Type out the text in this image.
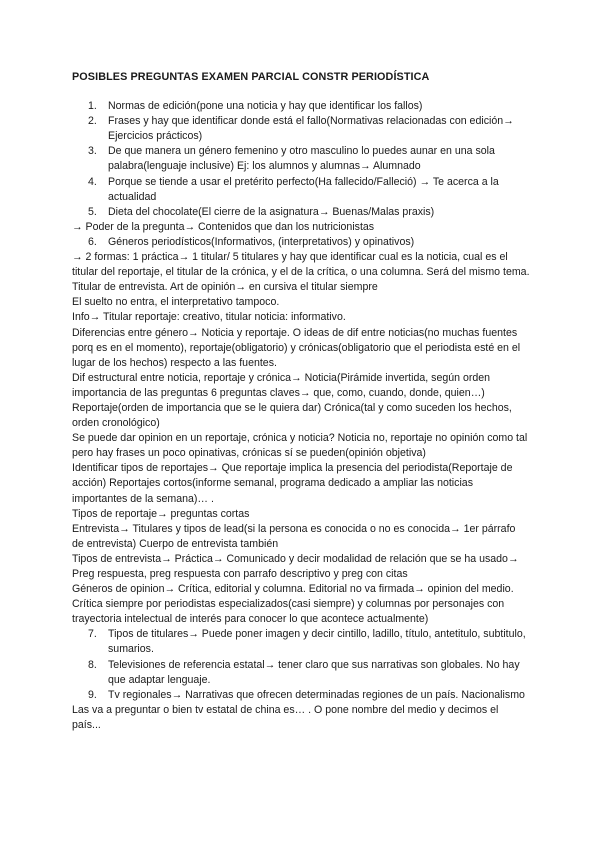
POSIBLES PREGUNTAS EXAMEN PARCIAL CONSTR PERIODÍSTICA
1.	Normas de edición(pone una noticia y hay que identificar los fallos)
2.	Frases y hay que identificar donde está el fallo(Normativas relacionadas con edición→ Ejercicios prácticos)
3.	De que manera un género femenino y otro masculino lo puedes aunar en una sola palabra(lenguaje inclusive) Ej: los alumnos y alumnas→ Alumnado
4.	Porque se tiende a usar el pretérito perfecto(Ha fallecido/Falleció) → Te acerca a la actualidad
5.	Dieta del chocolate(El cierre de la asignatura→ Buenas/Malas praxis)

→ Poder de la pregunta→ Contenidos que dan los nutricionistas

6.	Géneros periodísticos(Informativos, (interpretativos) y opinativos)

→ 2 formas: 1 práctica→ 1 titular/ 5 titulares y hay que identificar cual es la noticia, cual es el titular del reportaje, el titular de la crónica, y el de la crítica, o una columna. Será del mismo tema. Titular de entrevista. Art de opinión→ en cursiva el titular siempre

El suelto no entra, el interpretativo tampoco.

Info→ Titular reportaje: creativo, titular noticia: informativo.

Diferencias entre género→ Noticia y reportaje. O ideas de dif entre noticias(no muchas fuentes porq es en el momento), reportaje(obligatorio) y crónicas(obligatorio que el periodista esté en el lugar de los hechos) respecto a las fuentes.

Dif estructural entre noticia, reportaje y crónica→ Noticia(Pirámide invertida, según orden importancia de las preguntas 6 preguntas claves→ que, como, cuando, donde, quien…) Reportaje(orden de importancia que se le quiera dar) Crónica(tal y como suceden los hechos, orden cronológico)

Se puede dar opinion en un reportaje, crónica y noticia? Noticia no, reportaje no opinión como tal pero hay frases un poco opinativas, crónicas sí se pueden(opinión objetiva)

Identificar tipos de reportajes→ Que reportaje implica la presencia del periodista(Reportaje de acción) Reportajes cortos(informe semanal, programa dedicado a ampliar las noticias importantes de la semana)… .

Tipos de reportaje→ preguntas cortas

Entrevista→ Titulares y tipos de lead(si la persona es conocida o no es conocida→ 1er párrafo de entrevista) Cuerpo de entrevista también

Tipos de entrevista→ Práctica→ Comunicado y decir modalidad de relación que se ha usado→ Preg respuesta, preg respuesta con parrafo descriptivo y preg con citas

Géneros de opinion→ Crítica, editorial y columna. Editorial no va firmada→ opinion del medio. Crítica siempre por periodistas especializados(casi siempre) y columnas por personajes con trayectoria intelectual de interés para conocer lo que acontece actualmente)

7.	Tipos de titulares→ Puede poner imagen y decir cintillo, ladillo, título, antetitulo, subtitulo, sumarios.
8.	Televisiones de referencia estatal→ tener claro que sus narrativas son globales. No hay que adaptar lenguaje.
9.	Tv regionales→ Narrativas que ofrecen determinadas regiones de un país. Nacionalismo

Las va a preguntar o bien tv estatal de china es… . O pone nombre del medio y decimos el país...
